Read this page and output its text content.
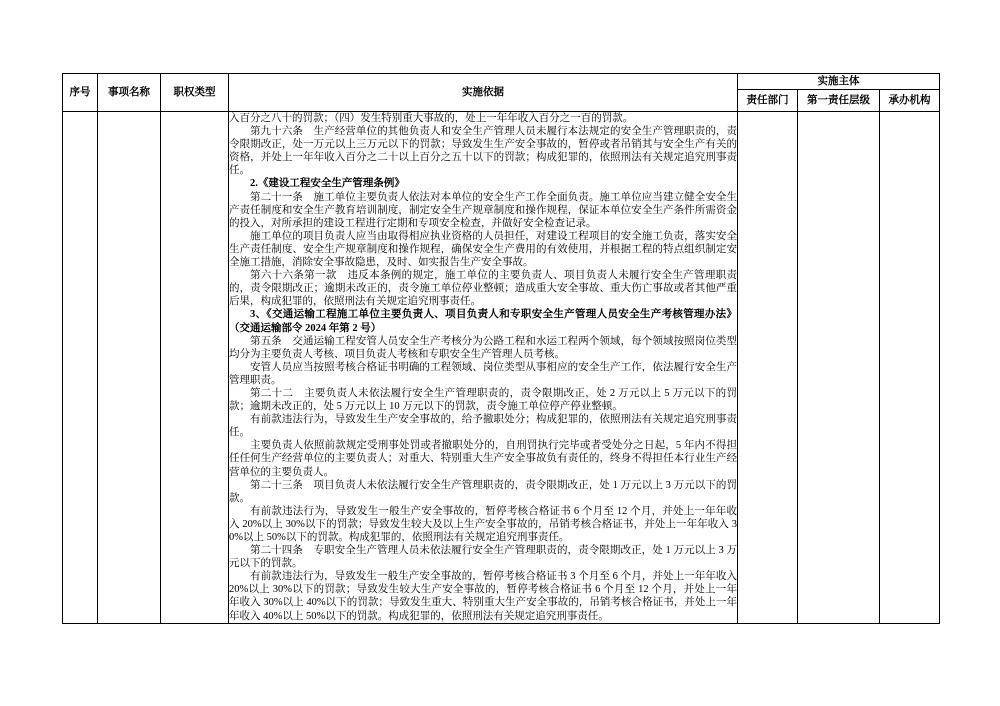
序号	事项名称	职权类型	实施依据	实施主体		
				责任部门	第一责任层级	承办机构

入百分之八十的罚款；（四）发生特别重大事故的，处上一年年收入百分之一百的罚款。

第九十六条　生产经营单位的其他负责人和安全生产管理人员未履行本法规定的安全生产管理职责的，责令限期改正，处一万元以上三万元以下的罚款；导致发生生产安全事故的，暂停或者吊销其与安全生产有关的资格，并处上一年年收入百分之二十以上百分之五十以下的罚款；构成犯罪的，依照刑法有关规定追究刑事责任。

2.《建设工程安全生产管理条例》

第二十一条　施工单位主要负责人依法对本单位的安全生产工作全面负责。施工单位应当建立健全安全生产责任制度和安全生产教育培训制度，制定安全生产规章制度和操作规程，保证本单位安全生产条件所需资金的投入，对所承担的建设工程进行定期和专项安全检查，并做好安全检查记录。

施工单位的项目负责人应当由取得相应执业资格的人员担任，对建设工程项目的安全施工负责，落实安全生产责任制度、安全生产规章制度和操作规程，确保安全生产费用的有效使用，并根据工程的特点组织制定安全施工措施，消除安全事故隐患，及时、如实报告生产安全事故。

第六十六条第一款　违反本条例的规定，施工单位的主要负责人、项目负责人未履行安全生产管理职责的，责令限期改正；逾期未改正的，责令施工单位停业整顿；造成重大安全事故、重大伤亡事故或者其他严重后果，构成犯罪的，依照刑法有关规定追究刑事责任。

3、《交通运输工程施工单位主要负责人、项目负责人和专职安全生产管理人员安全生产考核管理办法》（交通运输部令 2024 年第 2 号）

第五条　交通运输工程安管人员安全生产考核分为公路工程和水运工程两个领域，每个领域按照岗位类型均分为主要负责人考核、项目负责人考核和专职安全生产管理人员考核。

安管人员应当按照考核合格证书明确的工程领域、岗位类型从事相应的安全生产工作，依法履行安全生产管理职责。

第二十二　主要负责人未依法履行安全生产管理职责的，责令限期改正，处 2 万元以上 5 万元以下的罚款；逾期未改正的，处 5 万元以上 10 万元以下的罚款，责令施工单位停产停业整顿。

有前款违法行为，导致发生生产安全事故的，给予撤职处分；构成犯罪的，依照刑法有关规定追究刑事责任。

主要负责人依照前款规定受刑事处罚或者撤职处分的，自刑罚执行完毕或者受处分之日起，5 年内不得担任任何生产经营单位的主要负责人；对重大、特别重大生产安全事故负有责任的，终身不得担任本行业生产经营单位的主要负责人。

第二十三条　项目负责人未依法履行安全生产管理职责的，责令限期改正，处 1 万元以上 3 万元以下的罚款。

有前款违法行为，导致发生一般生产安全事故的，暂停考核合格证书 6 个月至 12 个月，并处上一年年收入 20%以上 30%以下的罚款；导致发生较大及以上生产安全事故的，吊销考核合格证书，并处上一年年收入 30%以上 50%以下的罚款。构成犯罪的，依照刑法有关规定追究刑事责任。

第二十四条　专职安全生产管理人员未依法履行安全生产管理职责的，责令限期改正，处 1 万元以上 3 万元以下的罚款。

有前款违法行为，导致发生一般生产安全事故的，暂停考核合格证书 3 个月至 6 个月，并处上一年年收入 20%以上 30%以下的罚款；导致发生较大生产安全事故的，暂停考核合格证书 6 个月至 12 个月，并处上一年年收入 30%以上 40%以下的罚款；导致发生重大、特别重大生产安全事故的，吊销考核合格证书，并处上一年年收入 40%以上 50%以下的罚款。构成犯罪的，依照刑法有关规定追究刑事责任。
